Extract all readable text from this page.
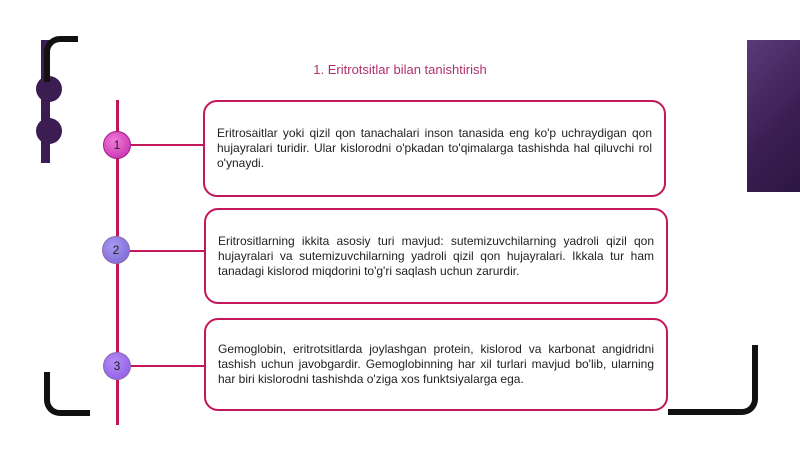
1. Eritrotsitlar bilan tanishtirish
1
Eritrosaitlar yoki qizil qon tanachalari inson tanasida eng ko'p uchraydigan qon hujayralari turidir. Ular kislorodni o'pkadan to'qimalarga tashishda hal qiluvchi rol o'ynaydi.
2
Eritrositlarning ikkita asosiy turi mavjud: sutemizuvchilarning yadroli qizil qon hujayralari va sutemizuvchilarning yadroli qizil qon hujayralari. Ikkala tur ham tanadagi kislorod miqdorini to'g'ri saqlash uchun zarurdir.
3
Gemoglobin, eritrotsitlarda joylashgan protein, kislorod va karbonat angidridni tashish uchun javobgardir. Gemoglobinning har xil turlari mavjud bo'lib, ularning har biri kislorodni tashishda o'ziga xos funktsiyalarga ega.
